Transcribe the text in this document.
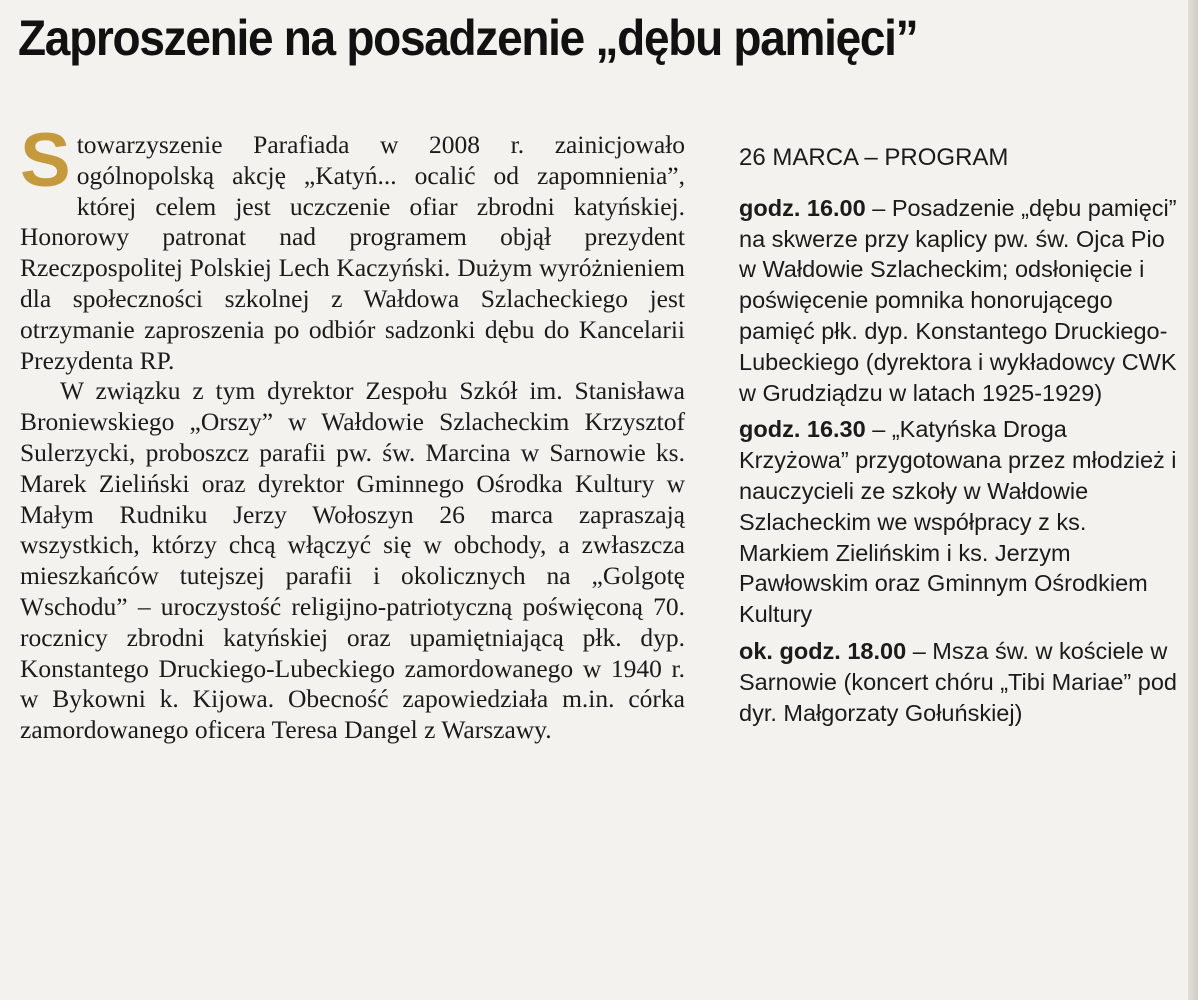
Zaproszenie na posadzenie „dębu pamięci”

Stowarzyszenie Parafiada w 2008 r. zainicjowało ogólnopolską akcję „Katyń... ocalić od zapomnienia”, której celem jest uczczenie ofiar zbrodni katyńskiej. Honorowy patronat nad programem objął prezydent Rzeczpospolitej Polskiej Lech Kaczyński. Dużym wyróżnieniem dla społeczności szkolnej z Wałdowa Szlacheckiego jest otrzymanie zaproszenia po odbiór sadzonki dębu do Kancelarii Prezydenta RP.

W związku z tym dyrektor Zespołu Szkół im. Stanisława Broniewskiego „Orszy” w Wałdowie Szlacheckim Krzysztof Sulerzycki, proboszcz parafii pw. św. Marcina w Sarnowie ks. Marek Zieliński oraz dyrektor Gminnego Ośrodka Kultury w Małym Rudniku Jerzy Wołoszyn 26 marca zapraszają wszystkich, którzy chcą włączyć się w obchody, a zwłaszcza mieszkańców tutejszej parafii i okolicznych na „Golgotę Wschodu” – uroczystość religijno-patriotyczną poświęconą 70. rocznicy zbrodni katyńskiej oraz upamiętniającą płk. dyp. Konstantego Druckiego-Lubeckiego zamordowanego w 1940 r. w Bykowni k. Kijowa. Obecność zapowiedziała m.in. córka zamordowanego oficera Teresa Dangel z Warszawy.

26 MARCA – PROGRAM
godz. 16.00 – Posadzenie „dębu pamięci” na skwerze przy kaplicy pw. św. Ojca Pio w Wałdowie Szlacheckim; odsłonięcie i poświęcenie pomnika honorującego pamięć płk. dyp. Konstantego Druckiego-Lubeckiego (dyrektora i wykładowcy CWK w Grudziądzu w latach 1925-1929)
godz. 16.30 – „Katyńska Droga Krzyżowa” przygotowana przez młodzież i nauczycieli ze szkoły w Wałdowie Szlacheckim we współpracy z ks. Markiem Zielińskim i ks. Jerzym Pawłowskim oraz Gminnym Ośrodkiem Kultury
ok. godz. 18.00 – Msza św. w kościele w Sarnowie (koncert chóru „Tibi Mariae” pod dyr. Małgorzaty Gołuńskiej)
